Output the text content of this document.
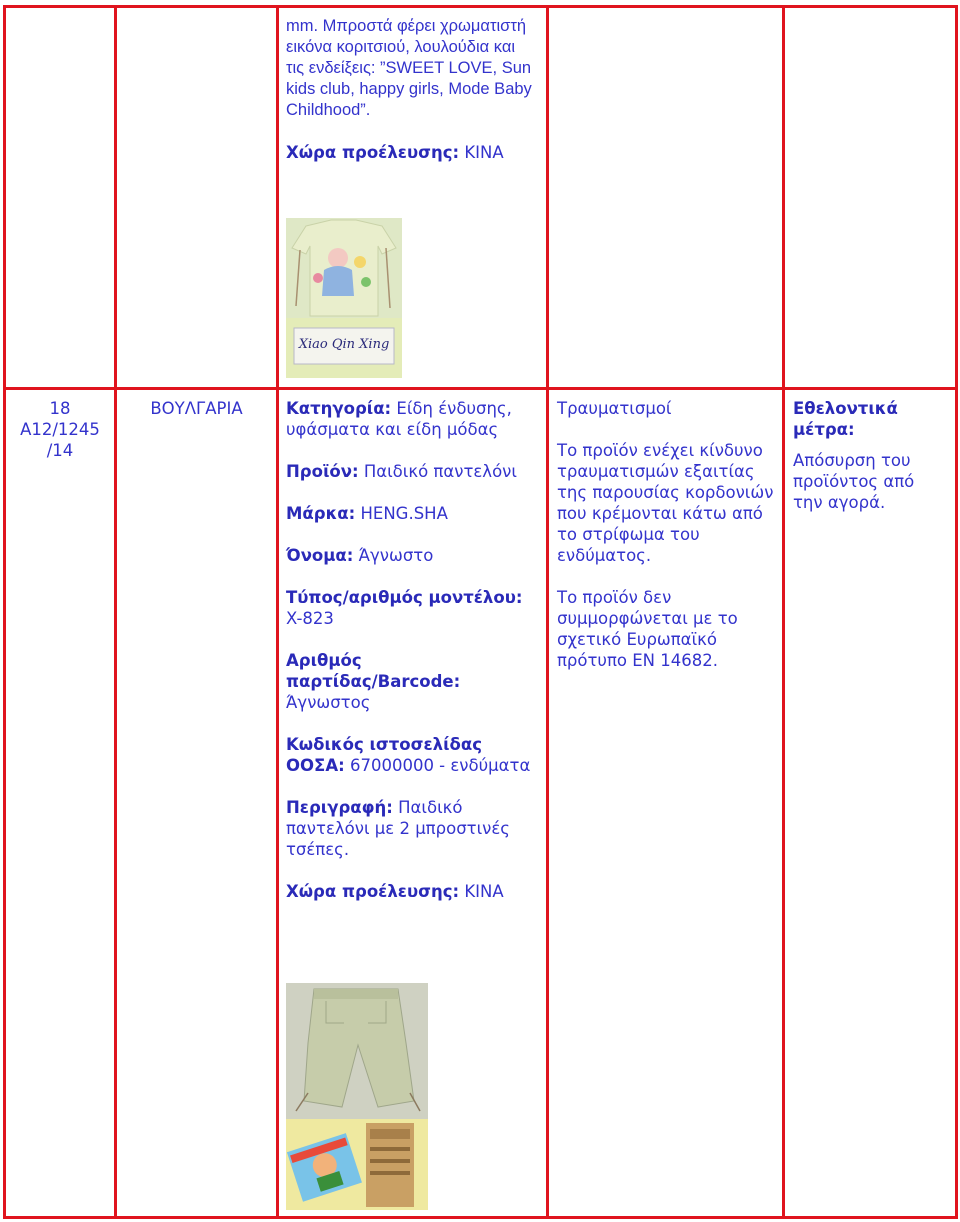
mm. Μπροστά φέρει χρωματιστή εικόνα κοριτσιού, λουλούδια και τις ενδείξεις: ”SWEET LOVE, Sun kids club, happy girls, Mode Baby Childhood”.

Χώρα προέλευσης: ΚΙΝΑ

Xiao Qin Xing
18
A12/1245
/14
ΒΟΥΛΓΑΡΙΑ	Κατηγορία: Είδη ένδυσης, υφάσματα και είδη μόδας

Προϊόν: Παιδικό παντελόνι

Μάρκα: HENG.SHA

Όνομα: Άγνωστο

Τύπος/αριθμός μοντέλου: X-823

Αριθμός παρτίδας/Barcode: Άγνωστος

Κωδικός ιστοσελίδας ΟΟΣΑ: 67000000 - ενδύματα

Περιγραφή: Παιδικό παντελόνι με 2 μπροστινές τσέπες.

Χώρα προέλευσης: ΚΙΝΑ

Τραυματισμοί

Το προϊόν ενέχει κίνδυνο τραυματισμών εξαιτίας της παρουσίας κορδονιών που κρέμονται κάτω από το στρίφωμα του ενδύματος.

Το προϊόν δεν συμμορφώνεται με το σχετικό Ευρωπαϊκό πρότυπο ΕΝ 14682.

Εθελοντικά μέτρα:

Απόσυρση του προϊόντος από την αγορά.
